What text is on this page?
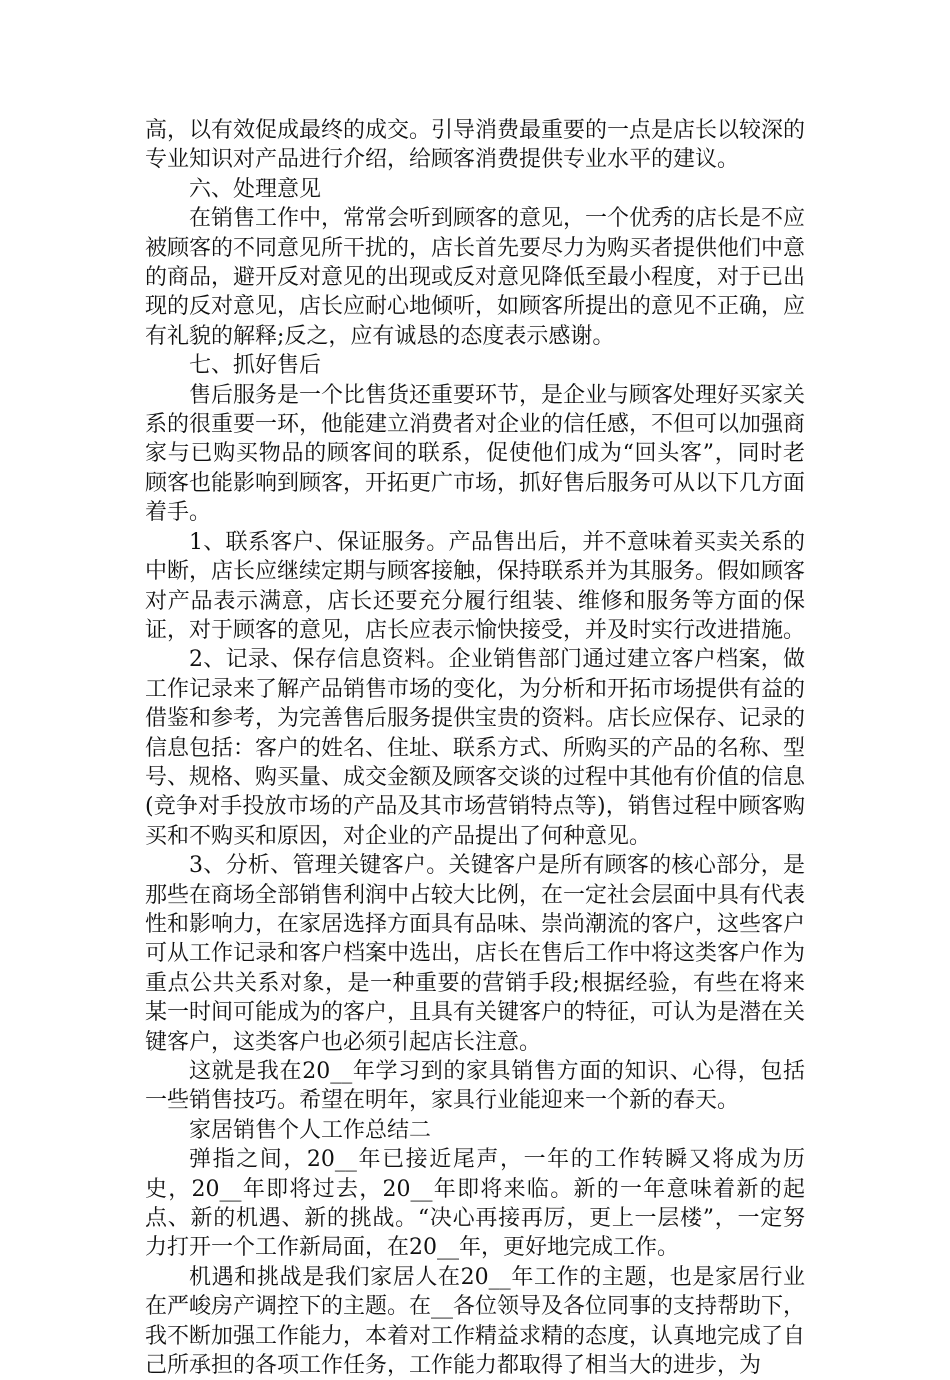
高，以有效促成最终的成交。引导消费最重要的一点是店长以较深的专业知识对产品进行介绍，给顾客消费提供专业水平的建议。

六、处理意见

在销售工作中，常常会听到顾客的意见，一个优秀的店长是不应被顾客的不同意见所干扰的，店长首先要尽力为购买者提供他们中意的商品，避开反对意见的出现或反对意见降低至最小程度，对于已出现的反对意见，店长应耐心地倾听，如顾客所提出的意见不正确，应有礼貌的解释;反之，应有诚恳的态度表示感谢。

七、抓好售后

售后服务是一个比售货还重要环节，是企业与顾客处理好买家关系的很重要一环，他能建立消费者对企业的信任感，不但可以加强商家与已购买物品的顾客间的联系，促使他们成为“回头客”，同时老顾客也能影响到顾客，开拓更广市场，抓好售后服务可从以下几方面着手。

1、联系客户、保证服务。产品售出后，并不意味着买卖关系的中断，店长应继续定期与顾客接触，保持联系并为其服务。假如顾客对产品表示满意，店长还要充分履行组装、维修和服务等方面的保证，对于顾客的意见，店长应表示愉快接受，并及时实行改进措施。

2、记录、保存信息资料。企业销售部门通过建立客户档案，做工作记录来了解产品销售市场的变化，为分析和开拓市场提供有益的借鉴和参考，为完善售后服务提供宝贵的资料。店长应保存、记录的信息包括：客户的姓名、住址、联系方式、所购买的产品的名称、型号、规格、购买量、成交金额及顾客交谈的过程中其他有价值的信息(竞争对手投放市场的产品及其市场营销特点等)，销售过程中顾客购买和不购买和原因，对企业的产品提出了何种意见。

3、分析、管理关键客户。关键客户是所有顾客的核心部分，是那些在商场全部销售利润中占较大比例，在一定社会层面中具有代表性和影响力，在家居选择方面具有品味、崇尚潮流的客户，这些客户可从工作记录和客户档案中选出，店长在售后工作中将这类客户作为重点公共关系对象，是一种重要的营销手段;根据经验，有些在将来某一时间可能成为的客户，且具有关键客户的特征，可认为是潜在关键客户，这类客户也必须引起店长注意。

这就是我在20__年学习到的家具销售方面的知识、心得，包括一些销售技巧。希望在明年，家具行业能迎来一个新的春天。

家居销售个人工作总结二

弹指之间，20__年已接近尾声，一年的工作转瞬又将成为历史，20__年即将过去，20__年即将来临。新的一年意味着新的起点、新的机遇、新的挑战。“决心再接再厉，更上一层楼”，一定努力打开一个工作新局面，在20__年，更好地完成工作。

机遇和挑战是我们家居人在20__年工作的主题，也是家居行业在严峻房产调控下的主题。在__各位领导及各位同事的支持帮助下，我不断加强工作能力，本着对工作精益求精的态度，认真地完成了自己所承担的各项工作任务，工作能力都取得了相当大的进步，为
